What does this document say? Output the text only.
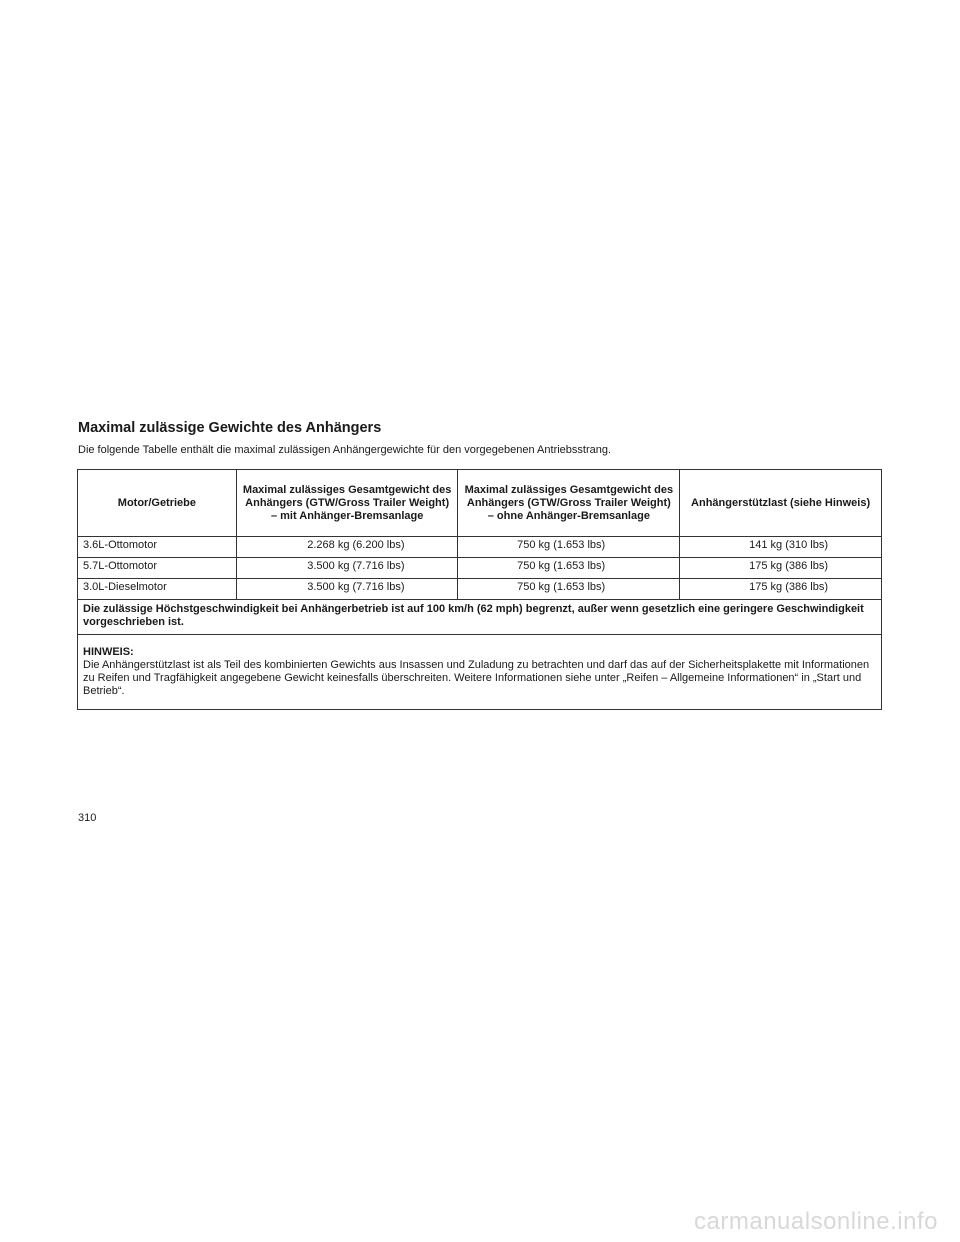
Maximal zulässige Gewichte des Anhängers

Die folgende Tabelle enthält die maximal zulässigen Anhängergewichte für den vorgegebenen Antriebsstrang.

Motor/Getriebe	Maximal zulässiges Gesamtgewicht des Anhängers (GTW/Gross Trailer Weight) – mit Anhänger-Bremsanlage	Maximal zulässiges Gesamtgewicht des Anhängers (GTW/Gross Trailer Weight) – ohne Anhänger-Bremsanlage	Anhängerstützlast (siehe Hinweis)
3.6L-Ottomotor	2.268 kg (6.200 lbs)	750 kg (1.653 lbs)	141 kg (310 lbs)
5.7L-Ottomotor	3.500 kg (7.716 lbs)	750 kg (1.653 lbs)	175 kg (386 lbs)
3.0L-Dieselmotor	3.500 kg (7.716 lbs)	750 kg (1.653 lbs)	175 kg (386 lbs)
Die zulässige Höchstgeschwindigkeit bei Anhängerbetrieb ist auf 100 km/h (62 mph) begrenzt, außer wenn gesetzlich eine geringere Geschwindigkeit vorgeschrieben ist.			

HINWEIS:
Die Anhängerstützlast ist als Teil des kombinierten Gewichts aus Insassen und Zuladung zu betrachten und darf das auf der Sicherheitsplakette mit Informationen zu Reifen und Tragfähigkeit angegebene Gewicht keinesfalls überschreiten. Weitere Informationen siehe unter „Reifen – Allgemeine Informationen“ in „Start und Betrieb“.			

310

carmanualsonline.info
